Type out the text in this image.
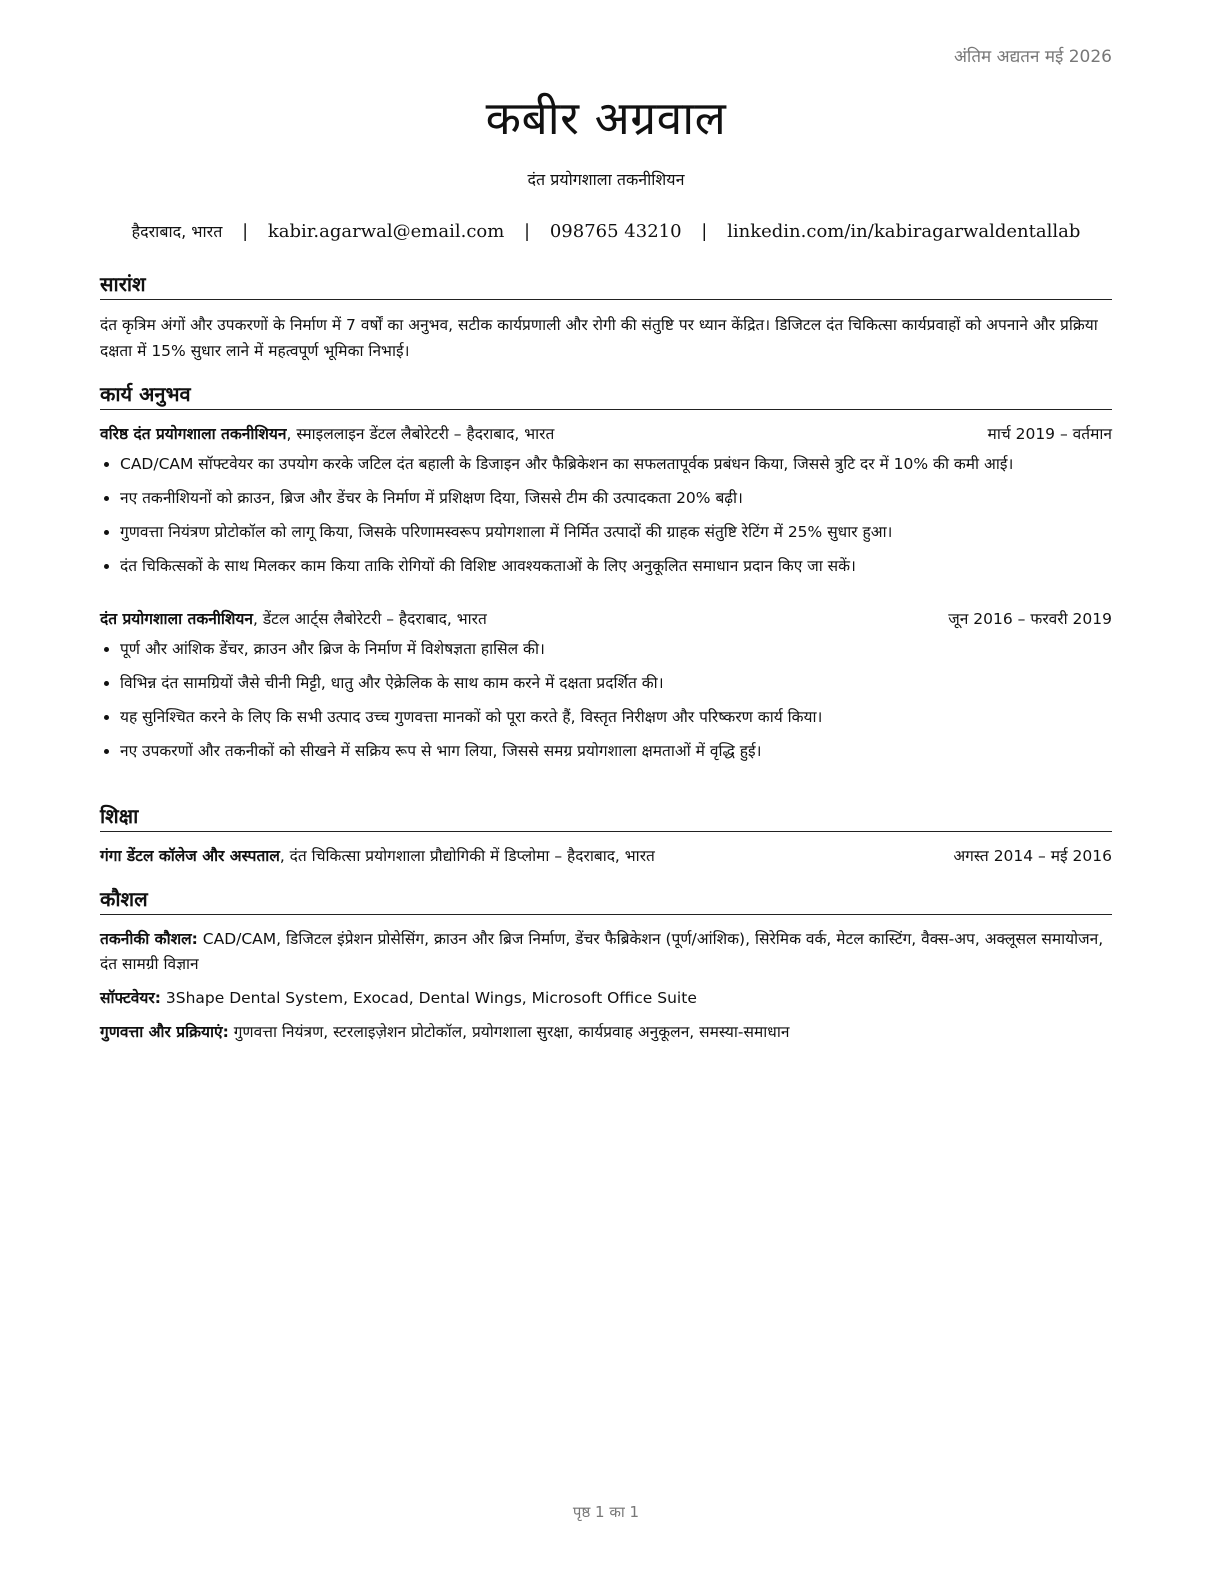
अंतिम अद्यतन मई 2026
कबीर अग्रवाल
दंत प्रयोगशाला तकनीशियन
हैदराबाद, भारत | kabir.agarwal@email.com | 098765 43210 | linkedin.com/in/kabiragarwaldentallab
सारांश

दंत कृत्रिम अंगों और उपकरणों के निर्माण में 7 वर्षों का अनुभव, सटीक कार्यप्रणाली और रोगी की संतुष्टि पर ध्यान केंद्रित। डिजिटल दंत चिकित्सा कार्यप्रवाहों को अपनाने और प्रक्रिया दक्षता में 15% सुधार लाने में महत्वपूर्ण भूमिका निभाई।

कार्य अनुभव
वरिष्ठ दंत प्रयोगशाला तकनीशियन, स्माइललाइन डेंटल लैबोरेटरी – हैदराबाद, भारत	मार्च 2019 – वर्तमान
• CAD/CAM सॉफ्टवेयर का उपयोग करके जटिल दंत बहाली के डिजाइन और फैब्रिकेशन का सफलतापूर्वक प्रबंधन किया, जिससे त्रुटि दर में 10% की कमी आई।
• नए तकनीशियनों को क्राउन, ब्रिज और डेंचर के निर्माण में प्रशिक्षण दिया, जिससे टीम की उत्पादकता 20% बढ़ी।
• गुणवत्ता नियंत्रण प्रोटोकॉल को लागू किया, जिसके परिणामस्वरूप प्रयोगशाला में निर्मित उत्पादों की ग्राहक संतुष्टि रेटिंग में 25% सुधार हुआ।
• दंत चिकित्सकों के साथ मिलकर काम किया ताकि रोगियों की विशिष्ट आवश्यकताओं के लिए अनुकूलित समाधान प्रदान किए जा सकें।
दंत प्रयोगशाला तकनीशियन, डेंटल आर्ट्स लैबोरेटरी – हैदराबाद, भारत	जून 2016 – फरवरी 2019
• पूर्ण और आंशिक डेंचर, क्राउन और ब्रिज के निर्माण में विशेषज्ञता हासिल की।
• विभिन्न दंत सामग्रियों जैसे चीनी मिट्टी, धातु और ऐक्रेलिक के साथ काम करने में दक्षता प्रदर्शित की।
• यह सुनिश्चित करने के लिए कि सभी उत्पाद उच्च गुणवत्ता मानकों को पूरा करते हैं, विस्तृत निरीक्षण और परिष्करण कार्य किया।
• नए उपकरणों और तकनीकों को सीखने में सक्रिय रूप से भाग लिया, जिससे समग्र प्रयोगशाला क्षमताओं में वृद्धि हुई।
शिक्षा
गंगा डेंटल कॉलेज और अस्पताल, दंत चिकित्सा प्रयोगशाला प्रौद्योगिकी में डिप्लोमा – हैदराबाद, भारत	अगस्त 2014 – मई 2016
कौशल

तकनीकी कौशल: CAD/CAM, डिजिटल इंप्रेशन प्रोसेसिंग, क्राउन और ब्रिज निर्माण, डेंचर फैब्रिकेशन (पूर्ण/आंशिक), सिरेमिक वर्क, मेटल कास्टिंग, वैक्स-अप, अक्लूसल समायोजन, दंत सामग्री विज्ञान

सॉफ्टवेयर: 3Shape Dental System, Exocad, Dental Wings, Microsoft Office Suite

गुणवत्ता और प्रक्रियाएं: गुणवत्ता नियंत्रण, स्टरलाइज़ेशन प्रोटोकॉल, प्रयोगशाला सुरक्षा, कार्यप्रवाह अनुकूलन, समस्या-समाधान

पृष्ठ 1 का 1
